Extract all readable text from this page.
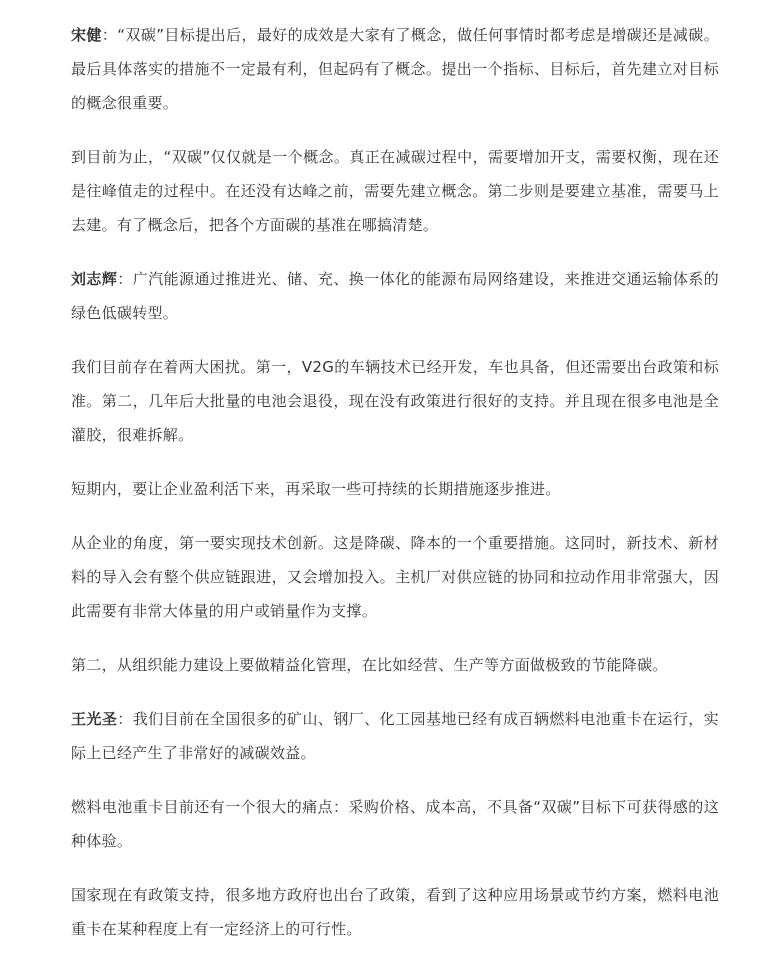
宋健：“双碳”目标提出后，最好的成效是大家有了概念，做任何事情时都考虑是增碳还是减碳。最后具体落实的措施不一定最有利，但起码有了概念。提出一个指标、目标后，首先建立对目标的概念很重要。

到目前为止，“双碳”仅仅就是一个概念。真正在减碳过程中，需要增加开支，需要权衡，现在还是往峰值走的过程中。在还没有达峰之前，需要先建立概念。第二步则是要建立基准，需要马上去建。有了概念后，把各个方面碳的基准在哪搞清楚。

刘志辉：广汽能源通过推进光、储、充、换一体化的能源布局网络建设，来推进交通运输体系的绿色低碳转型。

我们目前存在着两大困扰。第一，V2G的车辆技术已经开发，车也具备，但还需要出台政策和标准。第二，几年后大批量的电池会退役，现在没有政策进行很好的支持。并且现在很多电池是全灌胶，很难拆解。

短期内，要让企业盈利活下来，再采取一些可持续的长期措施逐步推进。

从企业的角度，第一要实现技术创新。这是降碳、降本的一个重要措施。这同时，新技术、新材料的导入会有整个供应链跟进，又会增加投入。主机厂对供应链的协同和拉动作用非常强大，因此需要有非常大体量的用户或销量作为支撑。

第二，从组织能力建设上要做精益化管理，在比如经营、生产等方面做极致的节能降碳。

王光圣：我们目前在全国很多的矿山、钢厂、化工园基地已经有成百辆燃料电池重卡在运行，实际上已经产生了非常好的减碳效益。

燃料电池重卡目前还有一个很大的痛点：采购价格、成本高，不具备“双碳”目标下可获得感的这种体验。

国家现在有政策支持，很多地方政府也出台了政策，看到了这种应用场景或节约方案，燃料电池重卡在某种程度上有一定经济上的可行性。
